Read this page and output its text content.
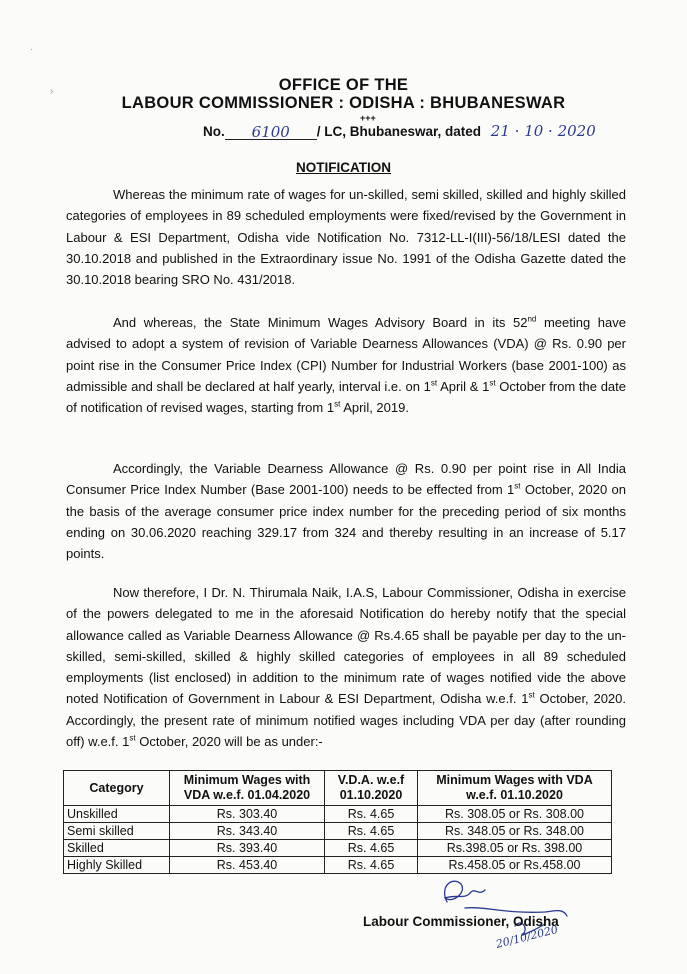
·
›	OFFICE OF THE
LABOUR COMMISSIONER : ODISHA : BHUBANESWAR
+++
No. 6100 / LC, Bhubaneswar, dated 21 · 10 · 2020
NOTIFICATION

Whereas the minimum rate of wages for un-skilled, semi skilled, skilled and highly skilled categories of employees in 89 scheduled employments were fixed/revised by the Government in Labour & ESI Department, Odisha vide Notification No. 7312-LL-I(III)-56/18/LESI dated the 30.10.2018 and published in the Extraordinary issue No. 1991 of the Odisha Gazette dated the 30.10.2018 bearing SRO No. 431/2018.

And whereas, the State Minimum Wages Advisory Board in its 52nd meeting have advised to adopt a system of revision of Variable Dearness Allowances (VDA) @ Rs. 0.90 per point rise in the Consumer Price Index (CPI) Number for Industrial Workers (base 2001-100) as admissible and shall be declared at half yearly, interval i.e. on 1st April & 1st October from the date of notification of revised wages, starting from 1st April, 2019.

Accordingly, the Variable Dearness Allowance @ Rs. 0.90 per point rise in All India Consumer Price Index Number (Base 2001-100) needs to be effected from 1st October, 2020 on the basis of the average consumer price index number for the preceding period of six months ending on 30.06.2020 reaching 329.17 from 324 and thereby resulting in an increase of 5.17 points.

Now therefore, I Dr. N. Thirumala Naik, I.A.S, Labour Commissioner, Odisha in exercise of the powers delegated to me in the aforesaid Notification do hereby notify that the special allowance called as Variable Dearness Allowance @ Rs.4.65 shall be payable per day to the un-skilled, semi-skilled, skilled & highly skilled categories of employees in all 89 scheduled employments (list enclosed) in addition to the minimum rate of wages notified vide the above noted Notification of Government in Labour & ESI Department, Odisha w.e.f. 1st October, 2020. Accordingly, the present rate of minimum notified wages including VDA per day (after rounding off) w.e.f. 1st October, 2020 will be as under:-

Category	Minimum Wages with VDA w.e.f. 01.04.2020	V.D.A. w.e.f 01.10.2020	Minimum Wages with VDA w.e.f. 01.10.2020
Unskilled	Rs. 303.40	Rs. 4.65	Rs. 308.05 or Rs. 308.00
Semi skilled	Rs. 343.40	Rs. 4.65	Rs. 348.05 or Rs. 348.00
Skilled	Rs. 393.40	Rs. 4.65	Rs.398.05 or Rs. 398.00
Highly Skilled	Rs. 453.40	Rs. 4.65	Rs.458.05 or Rs.458.00
20/10/2020
Labour Commissioner, Odisha
